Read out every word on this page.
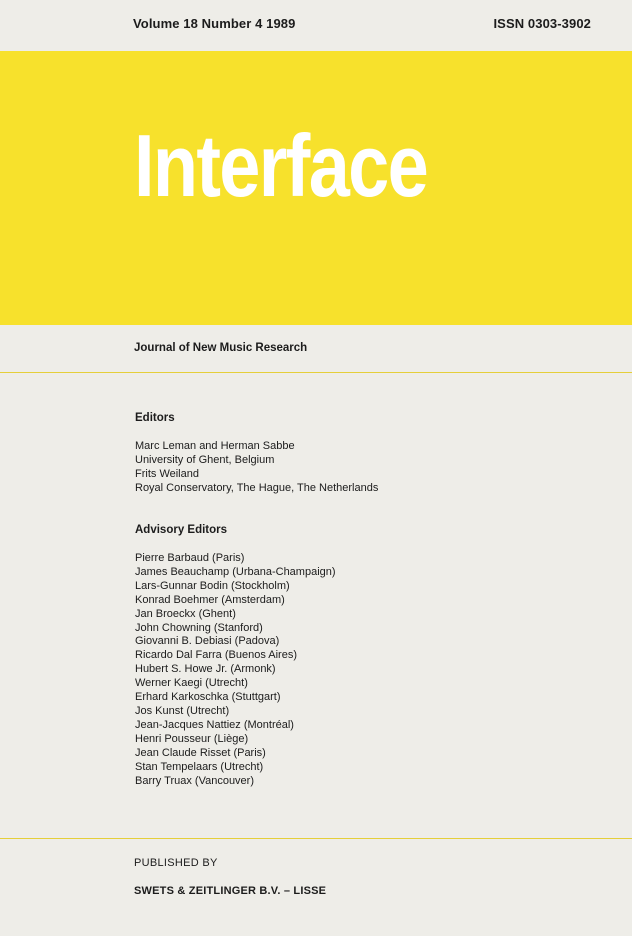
Volume 18 Number 4 1989	ISSN 0303-3902
Interface
Journal of New Music Research
Editors
Marc Leman and Herman Sabbe
University of Ghent, Belgium
Frits Weiland
Royal Conservatory, The Hague, The Netherlands
Advisory Editors
Pierre Barbaud (Paris)
James Beauchamp (Urbana-Champaign)
Lars-Gunnar Bodin (Stockholm)
Konrad Boehmer (Amsterdam)
Jan Broeckx (Ghent)
John Chowning (Stanford)
Giovanni B. Debiasi (Padova)
Ricardo Dal Farra (Buenos Aires)
Hubert S. Howe Jr. (Armonk)
Werner Kaegi (Utrecht)
Erhard Karkoschka (Stuttgart)
Jos Kunst (Utrecht)
Jean-Jacques Nattiez (Montréal)
Henri Pousseur (Liège)
Jean Claude Risset (Paris)
Stan Tempelaars (Utrecht)
Barry Truax (Vancouver)
PUBLISHED BY
SWETS & ZEITLINGER B.V. – LISSE
